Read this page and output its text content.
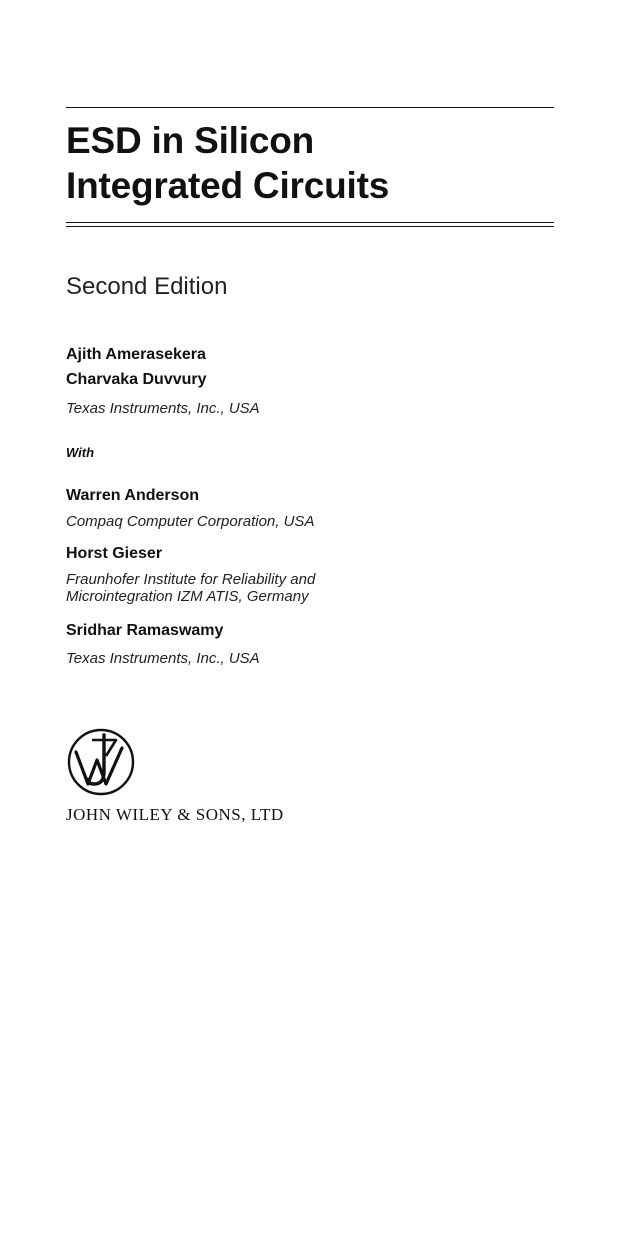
ESD in Silicon
Integrated Circuits
Second Edition
Ajith Amerasekera
Charvaka Duvvury
Texas Instruments, Inc., USA
With
Warren Anderson
Compaq Computer Corporation, USA
Horst Gieser
Fraunhofer Institute for Reliability and
Microintegration IZM ATIS, Germany
Sridhar Ramaswamy
Texas Instruments, Inc., USA
JOHN WILEY & SONS, LTD
